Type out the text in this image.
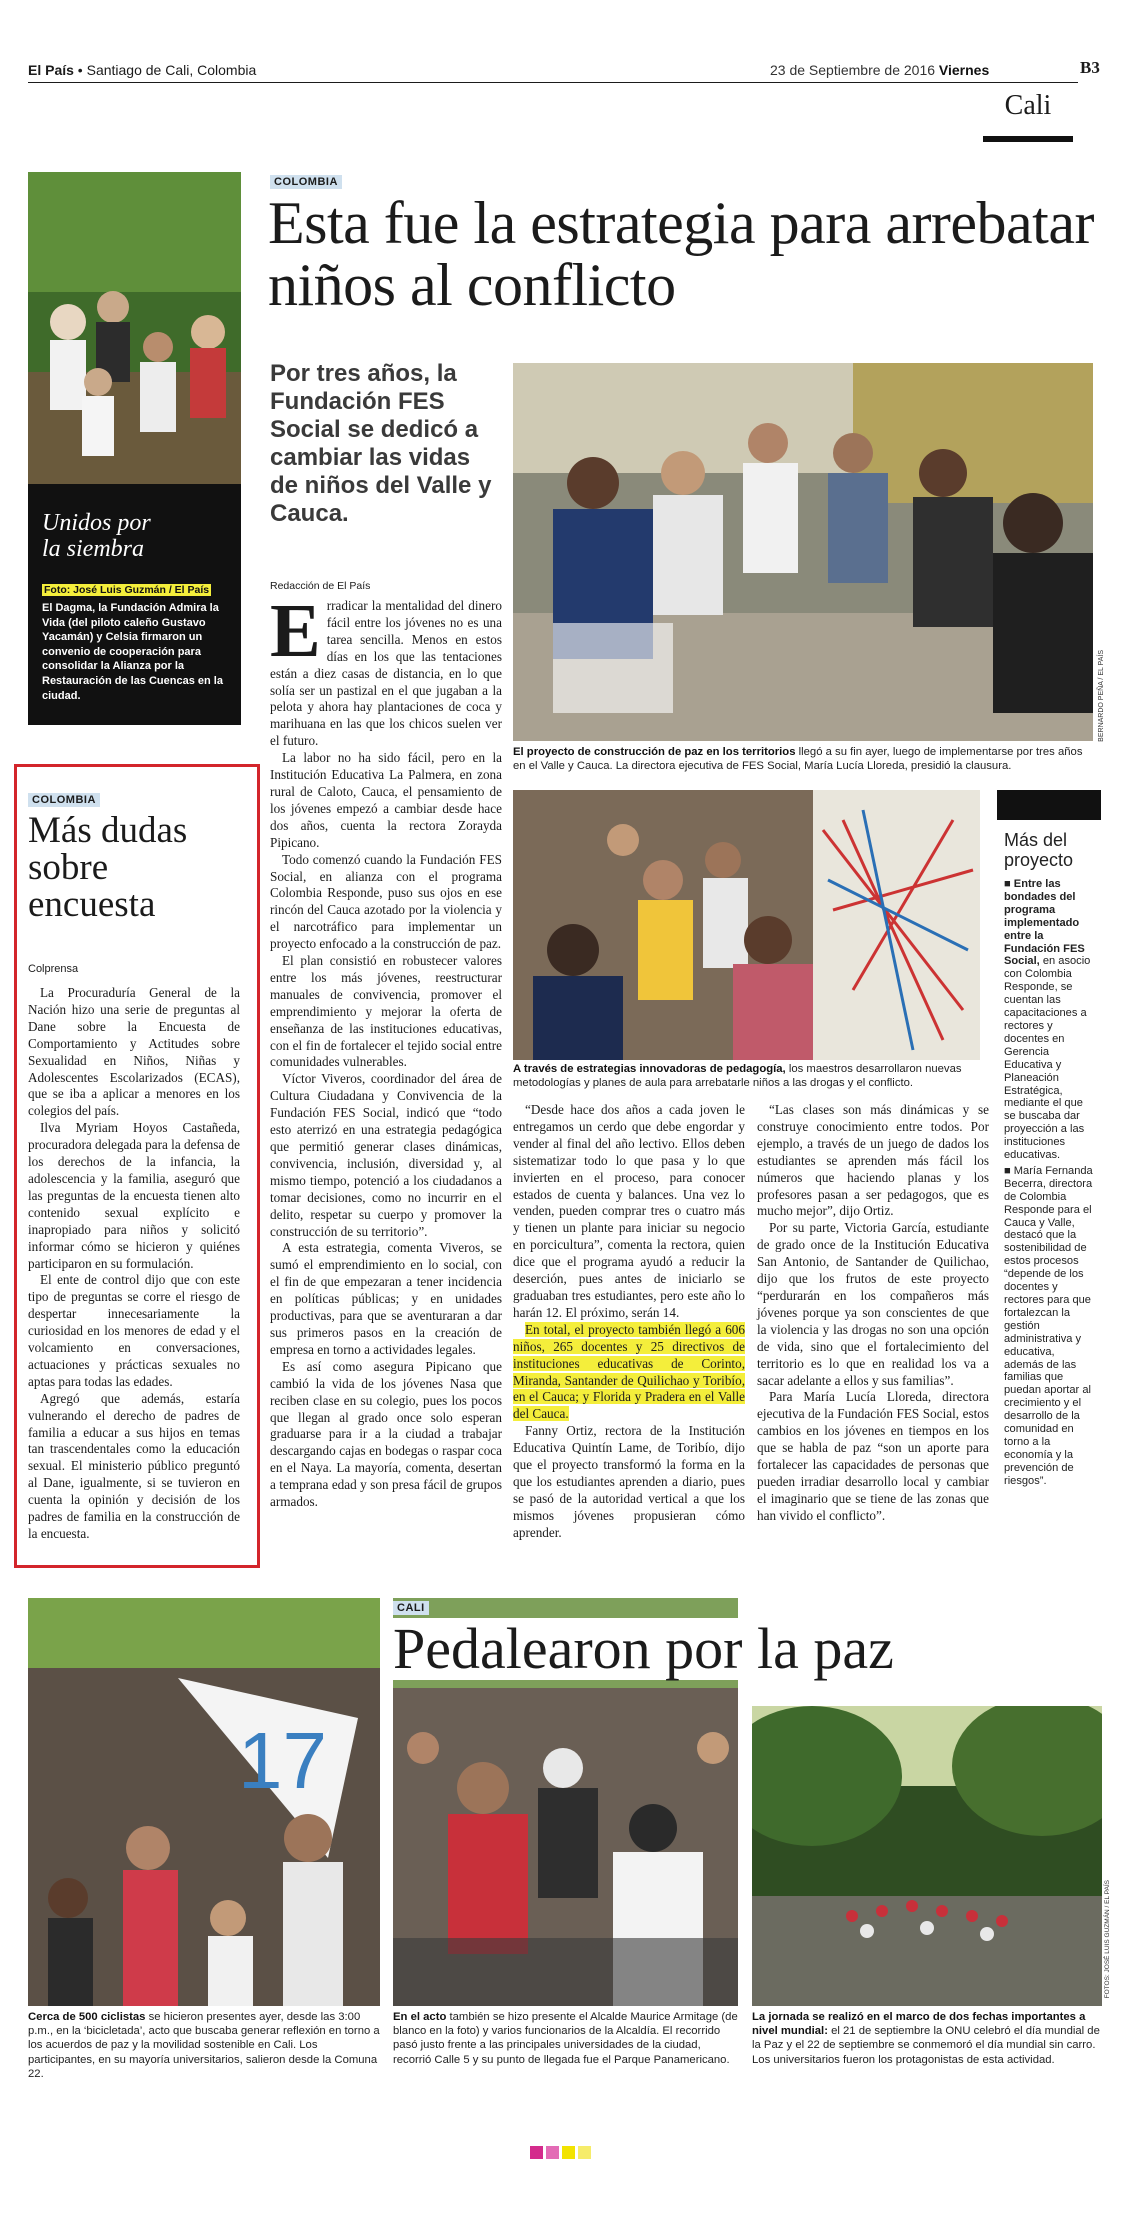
El País • Santiago de Cali, Colombia	23 de Septiembre de 2016 Viernes	B3
Cali
Unidos por
la siembra
Foto: José Luis Guzmán / El País
El Dagma, la Fundación Admira la Vida (del piloto caleño Gustavo Yacamán) y Celsia firmaron un convenio de cooperación para consolidar la Alianza por la Restauración de las Cuencas en la ciudad.
COLOMBIA
Más dudas sobre encuesta
Colprensa

La Procuraduría General de la Nación hizo una serie de preguntas al Dane sobre la Encuesta de Comportamiento y Actitudes sobre Sexualidad en Niños, Niñas y Adolescentes Escolarizados (ECAS), que se iba a aplicar a menores en los colegios del país.

Ilva Myriam Hoyos Castañeda, procuradora delegada para la defensa de los derechos de la infancia, la adolescencia y la familia, aseguró que las preguntas de la encuesta tienen alto contenido sexual explícito e inapropiado para niños y solicitó informar cómo se hicieron y quiénes participaron en su formulación.

El ente de control dijo que con este tipo de preguntas se corre el riesgo de despertar innecesariamente la curiosidad en los menores de edad y el volcamiento en conversaciones, actuaciones y prácticas sexuales no aptas para todas las edades.

Agregó que además, estaría vulnerando el derecho de padres de familia a educar a sus hijos en temas tan trascendentales como la educación sexual. El ministerio público preguntó al Dane, igualmente, si se tuvieron en cuenta la opinión y decisión de los padres de familia en la construcción de la encuesta.

COLOMBIA
Esta fue la estrategia para arrebatar niños al conflicto
Por tres años, la Fundación FES Social se dedicó a cambiar las vidas de niños del Valle y Cauca.
Redacción de El País
BERNARDO PEÑA / EL PAÍS
El proyecto de construcción de paz en los territorios llegó a su fin ayer, luego de implementarse por tres años en el Valle y Cauca. La directora ejecutiva de FES Social, María Lucía Lloreda, presidió la clausura.
A través de estrategias innovadoras de pedagogía, los maestros desarrollaron nuevas metodologías y planes de aula para arrebatarle niños a las drogas y el conflicto.

Erradicar la mentalidad del dinero fácil entre los jóvenes no es una tarea sencilla. Menos en estos días en los que las tentaciones están a diez casas de distancia, en lo que solía ser un pastizal en el que jugaban a la pelota y ahora hay plantaciones de coca y marihuana en las que los chicos suelen ver el futuro.

La labor no ha sido fácil, pero en la Institución Educativa La Palmera, en zona rural de Caloto, Cauca, el pensamiento de los jóvenes empezó a cambiar desde hace dos años, cuenta la rectora Zorayda Pipicano.

Todo comenzó cuando la Fundación FES Social, en alianza con el programa Colombia Responde, puso sus ojos en ese rincón del Cauca azotado por la violencia y el narcotráfico para implementar un proyecto enfocado a la construcción de paz.

El plan consistió en robustecer valores entre los más jóvenes, reestructurar manuales de convivencia, promover el emprendimiento y mejorar la oferta de enseñanza de las instituciones educativas, con el fin de fortalecer el tejido social entre comunidades vulnerables.

Víctor Viveros, coordinador del área de Cultura Ciudadana y Convivencia de la Fundación FES Social, indicó que “todo esto aterrizó en una estrategia pedagógica que permitió generar clases dinámicas, convivencia, inclusión, diversidad y, al mismo tiempo, potenció a los ciudadanos a tomar decisiones, como no incurrir en el delito, respetar su cuerpo y promover la construcción de su territorio”.

A esta estrategia, comenta Viveros, se sumó el emprendimiento en lo social, con el fin de que empezaran a tener incidencia en políticas públicas; y en unidades productivas, para que se aventuraran a dar sus primeros pasos en la creación de empresa en torno a actividades legales.

Es así como asegura Pipicano que cambió la vida de los jóvenes Nasa que reciben clase en su colegio, pues los pocos que llegan al grado once solo esperan graduarse para ir a la ciudad a trabajar descargando cajas en bodegas o raspar coca en el Naya. La mayoría, comenta, desertan a temprana edad y son presa fácil de grupos armados.

“Desde hace dos años a cada joven le entregamos un cerdo que debe engordar y vender al final del año lectivo. Ellos deben sistematizar todo lo que pasa y lo que invierten en el proceso, para conocer estados de cuenta y balances. Una vez lo venden, pueden comprar tres o cuatro más y tienen un plante para iniciar su negocio en porcicultura”, comenta la rectora, quien dice que el programa ayudó a reducir la deserción, pues antes de iniciarlo se graduaban tres estudiantes, pero este año lo harán 12. El próximo, serán 14.

En total, el proyecto también llegó a 606 niños, 265 docentes y 25 directivos de instituciones educativas de Corinto, Miranda, Santander de Quilichao y Toribío, en el Cauca; y Florida y Pradera en el Valle del Cauca.

Fanny Ortiz, rectora de la Institución Educativa Quintín Lame, de Toribío, dijo que el proyecto transformó la forma en la que los estudiantes aprenden a diario, pues se pasó de la autoridad vertical a que los mismos jóvenes propusieran cómo aprender.

“Las clases son más dinámicas y se construye conocimiento entre todos. Por ejemplo, a través de un juego de dados los estudiantes se aprenden más fácil los números que haciendo planas y los profesores pasan a ser pedagogos, que es mucho mejor”, dijo Ortiz.

Por su parte, Victoria García, estudiante de grado once de la Institución Educativa San Antonio, de Santander de Quilichao, dijo que los frutos de este proyecto “perdurarán en los compañeros más jóvenes porque ya son conscientes de que la violencia y las drogas no son una opción de vida, sino que el fortalecimiento del territorio es lo que en realidad los va a sacar adelante a ellos y sus familias”.

Para María Lucía Lloreda, directora ejecutiva de la Fundación FES Social, estos cambios en los jóvenes en tiempos en los que se habla de paz “son un aporte para fortalecer las capacidades de personas que pueden irradiar desarrollo local y cambiar el imaginario que se tiene de las zonas que han vivido el conflicto”.

Más del proyecto
■ Entre las bondades del programa implementado entre la Fundación FES Social, en asocio con Colombia Responde, se cuentan las capacitaciones a rectores y docentes en Gerencia Educativa y Planeación Estratégica, mediante el que se buscaba dar proyección a las instituciones educativas.
■ María Fernanda Becerra, directora de Colombia Responde para el Cauca y Valle, destacó que la sostenibilidad de estos procesos “depende de los docentes y rectores para que fortalezcan la gestión administrativa y educativa, además de las familias que puedan aportar al crecimiento y el desarrollo de la comunidad en torno a la economía y la prevención de riesgos”.
17
FOTOS: JOSÉ LUIS GUZMÁN / EL PAÍS
CALI
Pedalearon por la paz
Cerca de 500 ciclistas se hicieron presentes ayer, desde las 3:00 p.m., en la ‘bicicletada’, acto que buscaba generar reflexión en torno a los acuerdos de paz y la movilidad sostenible en Cali. Los participantes, en su mayoría universitarios, salieron desde la Comuna 22.
En el acto también se hizo presente el Alcalde Maurice Armitage (de blanco en la foto) y varios funcionarios de la Alcaldía. El recorrido pasó justo frente a las principales universidades de la ciudad, recorrió Calle 5 y su punto de llegada fue el Parque Panamericano.
La jornada se realizó en el marco de dos fechas importantes a nivel mundial: el 21 de septiembre la ONU celebró el día mundial de la Paz y el 22 de septiembre se conmemoró el día mundial sin carro. Los universitarios fueron los protagonistas de esta actividad.
